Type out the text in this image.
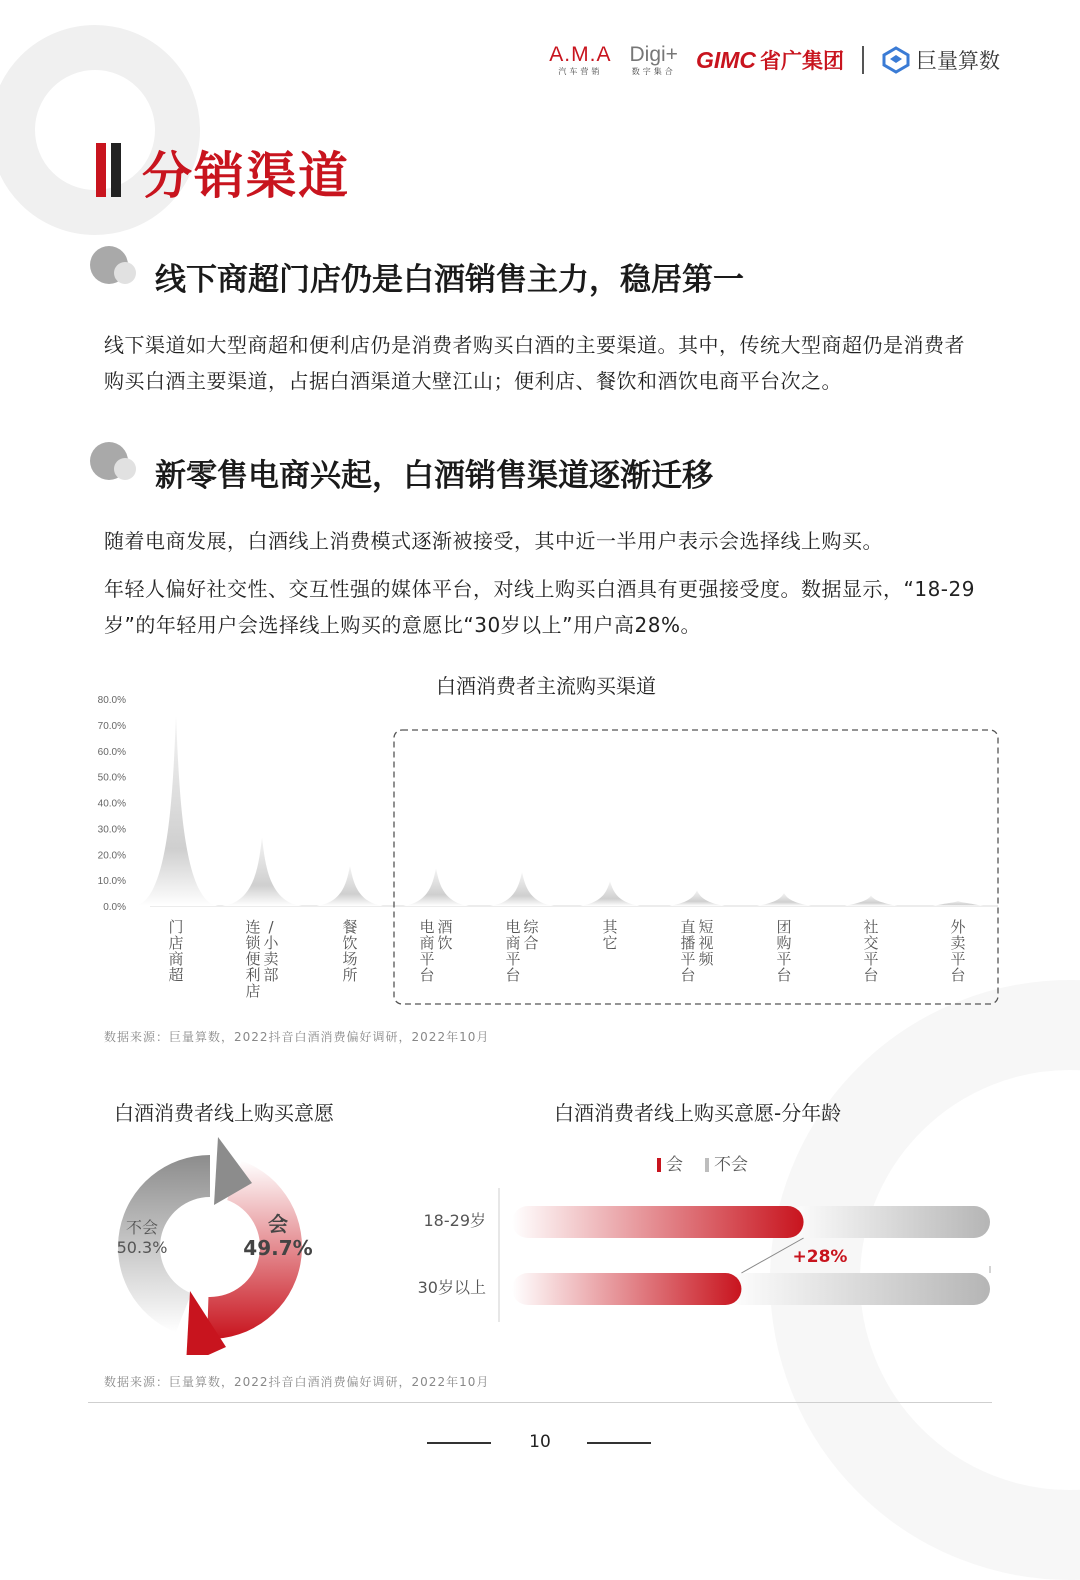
A.M.A
汽车营销
Digi+
数字集合 GIMC 省广集团	巨量算数
分销渠道
线下商超门店仍是白酒销售主力，稳居第一

线下渠道如大型商超和便利店仍是消费者购买白酒的主要渠道。其中，传统大型商超仍是消费者购买白酒主要渠道，占据白酒渠道大壁江山；便利店、餐饮和酒饮电商平台次之。

新零售电商兴起，白酒销售渠道逐渐迁移

随着电商发展，白酒线上消费模式逐渐被接受，其中近一半用户表示会选择线上购买。

年轻人偏好社交性、交互性强的媒体平台，对线上购买白酒具有更强接受度。数据显示，“18-29岁”的年轻用户会选择线上购买的意愿比“30岁以上”用户高28%。

白酒消费者主流购买渠道
80.0%
70.0%
60.0%
50.0%
40.0%
30.0%
20.0%
10.0%
0.0%
门
店
商
超
连
锁
便
利
店
/
小
卖
部
餐
饮
场
所
电
商
平
台
酒
饮
电
商
平
台
综
合
其
它
直
播
平
台
短
视
频
团
购
平
台
社
交
平
台
外
卖
平
台
数据来源：巨量算数，2022抖音白酒消费偏好调研，2022年10月
白酒消费者线上购买意愿
不会
50.3%
会
49.7%
白酒消费者线上购买意愿-分年龄
会	不会
18-29岁
30岁以上
+28%
数据来源：巨量算数，2022抖音白酒消费偏好调研，2022年10月
10
